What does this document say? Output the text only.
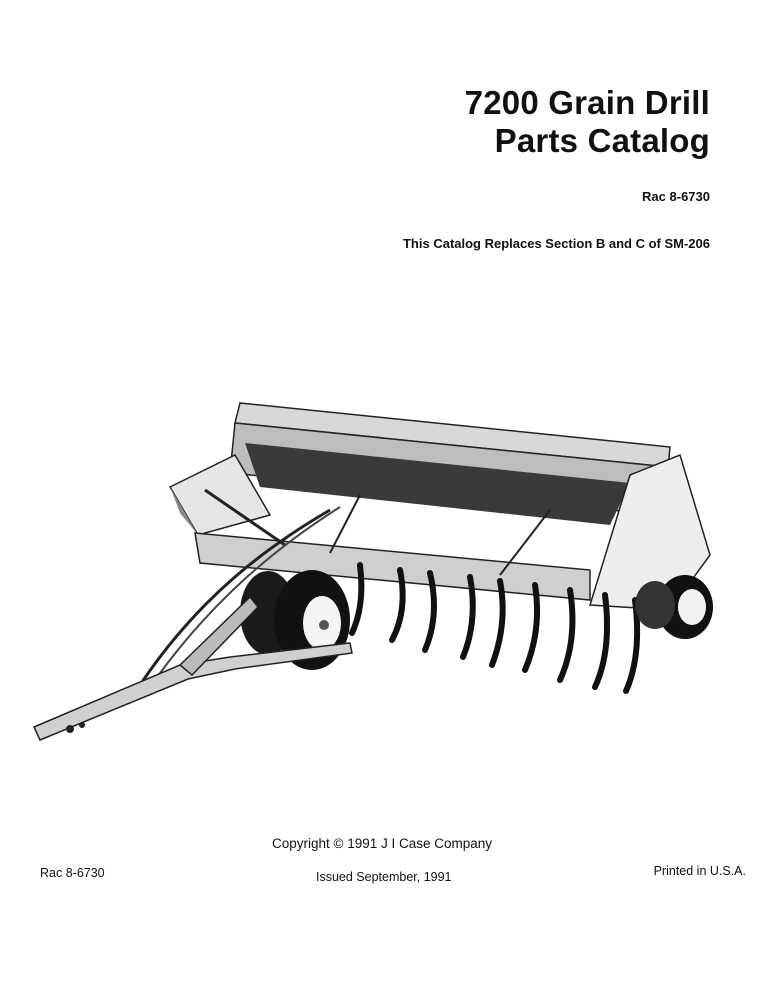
7200 Grain Drill
Parts Catalog
Rac 8-6730
This Catalog Replaces Section B and C of SM-206
Copyright © 1991 J I Case Company
Rac 8-6730	Issued September, 1991	Printed in U.S.A.
